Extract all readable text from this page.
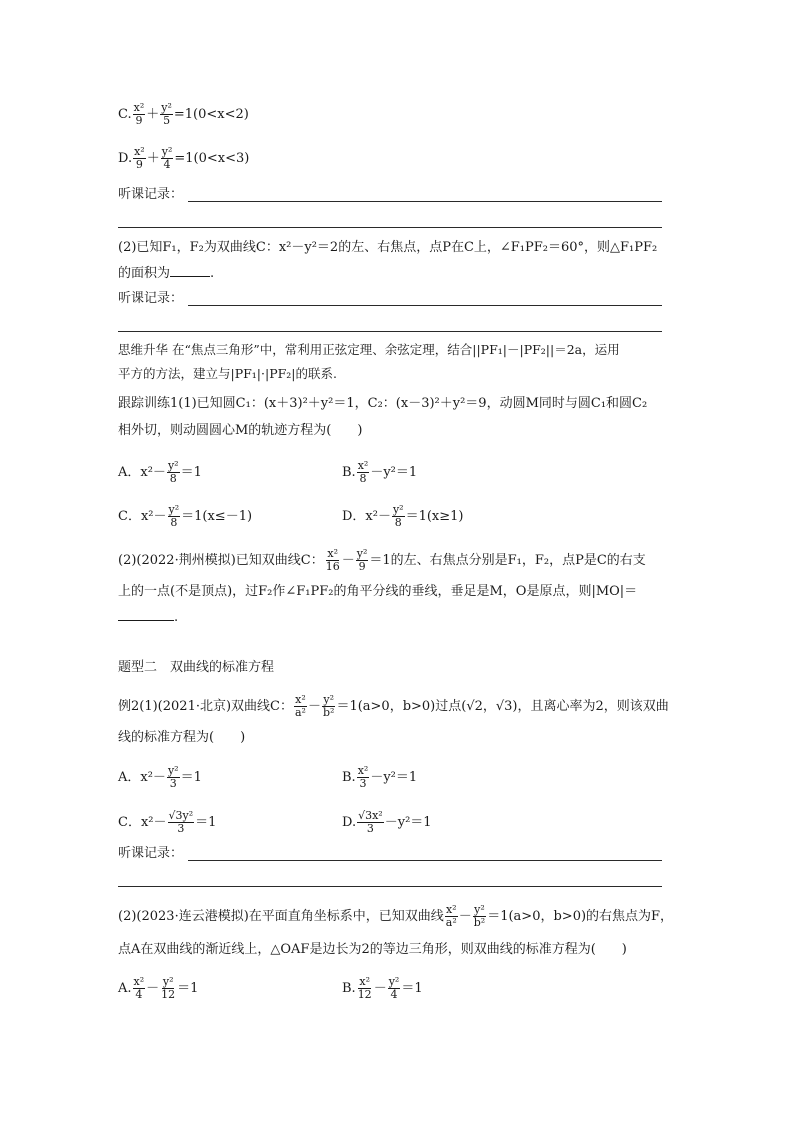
C. $\frac{\text{x²}}{9} + \frac{\text{y²}}{5} =1(0<x<2)$
D. $\frac{\text{x²}}{9} + \frac{\text{y²}}{4} =1(0<x<3)$
听课记录：
(2)已知F₁，F₂为双曲线C：x²－y²＝2的左、右焦点，点P在C上，∠F₁PF₂＝60°，则△F₁PF₂
的面积为	.
听课记录：
思维升华 在“焦点三角形”中，常利用正弦定理、余弦定理，结合||PF₁|－|PF₂||＝2a，运用
平方的方法，建立与|PF₁|·|PF₂|的联系.
跟踪训练1(1)已知圆C₁：(x＋3)²＋y²＝1，C₂：(x－3)²＋y²＝9，动圆M同时与圆C₁和圆C₂
相外切，则动圆圆心M的轨迹方程为(　　)
A．$x^2- \frac{\text{y²}}{8} =1$	B. $\frac{\text{x²}}{8} -y^2=1$
C．$x^2- \frac{\text{y²}}{8} =1(x\le-1)$	D．$x^2- \frac{\text{y²}}{8} =1(x\ge 1)$
(2)(2022·荆州模拟)已知双曲线C： $\frac{\text{x²}}{16} - \frac{\text{y²}}{9} =1$的左、右焦点分别是F₁，F₂，点P是C的右支
上的一点(不是顶点)，过F₂作∠F₁PF₂的角平分线的垂线，垂足是M，O是原点，则|MO|＝
.
题型二　双曲线的标准方程
例2(1)(2021·北京)双曲线C： $\frac{\text{x²}}{\text{a²}} - \frac{\text{y²}}{\text{b²}} =1(a>0$，b>0)过点(√2，√3)，且离心率为2，则该双曲
线的标准方程为(　　)
A．$x^2- \frac{\text{y²}}{3} =1$	B. $\frac{\text{x²}}{3} -y^2=1$
C．$x^2- \frac{\text{√3y²}}{3} =1$	D. $\frac{\text{√3x²}}{3} -y^2=1$
听课记录：
(2)(2023·连云港模拟)在平面直角坐标系中，已知双曲线 $\frac{\text{x²}}{\text{a²}} - \frac{\text{y²}}{\text{b²}} =1(a>0$，b>0)的右焦点为F，
点A在双曲线的渐近线上，△OAF是边长为2的等边三角形，则双曲线的标准方程为(　　)
A. $\frac{\text{x²}}{4} - \frac{\text{y²}}{12} =1$	B. $\frac{\text{x²}}{12} - \frac{\text{y²}}{4} =1$
